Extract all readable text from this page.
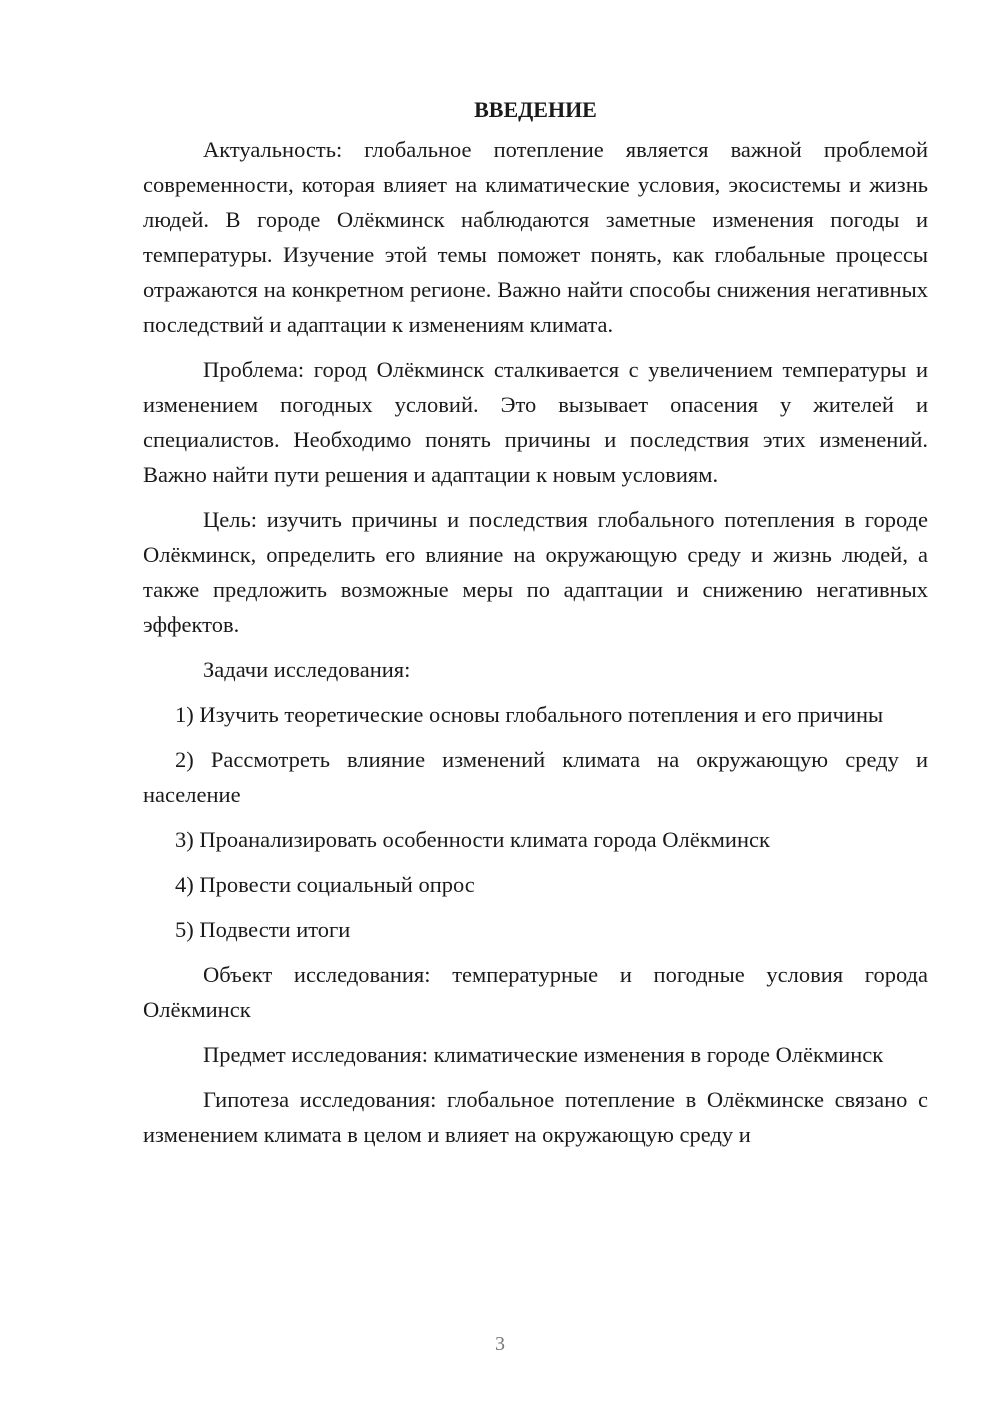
ВВЕДЕНИЕ

Актуальность: глобальное потепление является важной проблемой современности, которая влияет на климатические условия, экосистемы и жизнь людей. В городе Олёкминск наблюдаются заметные изменения погоды и температуры. Изучение этой темы поможет понять, как глобальные процессы отражаются на конкретном регионе. Важно найти способы снижения негативных последствий и адаптации к изменениям климата.

Проблема: город Олёкминск сталкивается с увеличением температуры и изменением погодных условий. Это вызывает опасения у жителей и специалистов. Необходимо понять причины и последствия этих изменений. Важно найти пути решения и адаптации к новым условиям.

Цель: изучить причины и последствия глобального потепления в городе Олёкминск, определить его влияние на окружающую среду и жизнь людей, а также предложить возможные меры по адаптации и снижению негативных эффектов.

Задачи исследования:

1) Изучить теоретические основы глобального потепления и его причины

2) Рассмотреть влияние изменений климата на окружающую среду и население

3) Проанализировать особенности климата города Олёкминск

4) Провести социальный опрос

5) Подвести итоги

Объект исследования: температурные и погодные условия города Олёкминск

Предмет исследования: климатические изменения в городе Олёкминск

Гипотеза исследования: глобальное потепление в Олёкминске связано с изменением климата в целом и влияет на окружающую среду и

3
